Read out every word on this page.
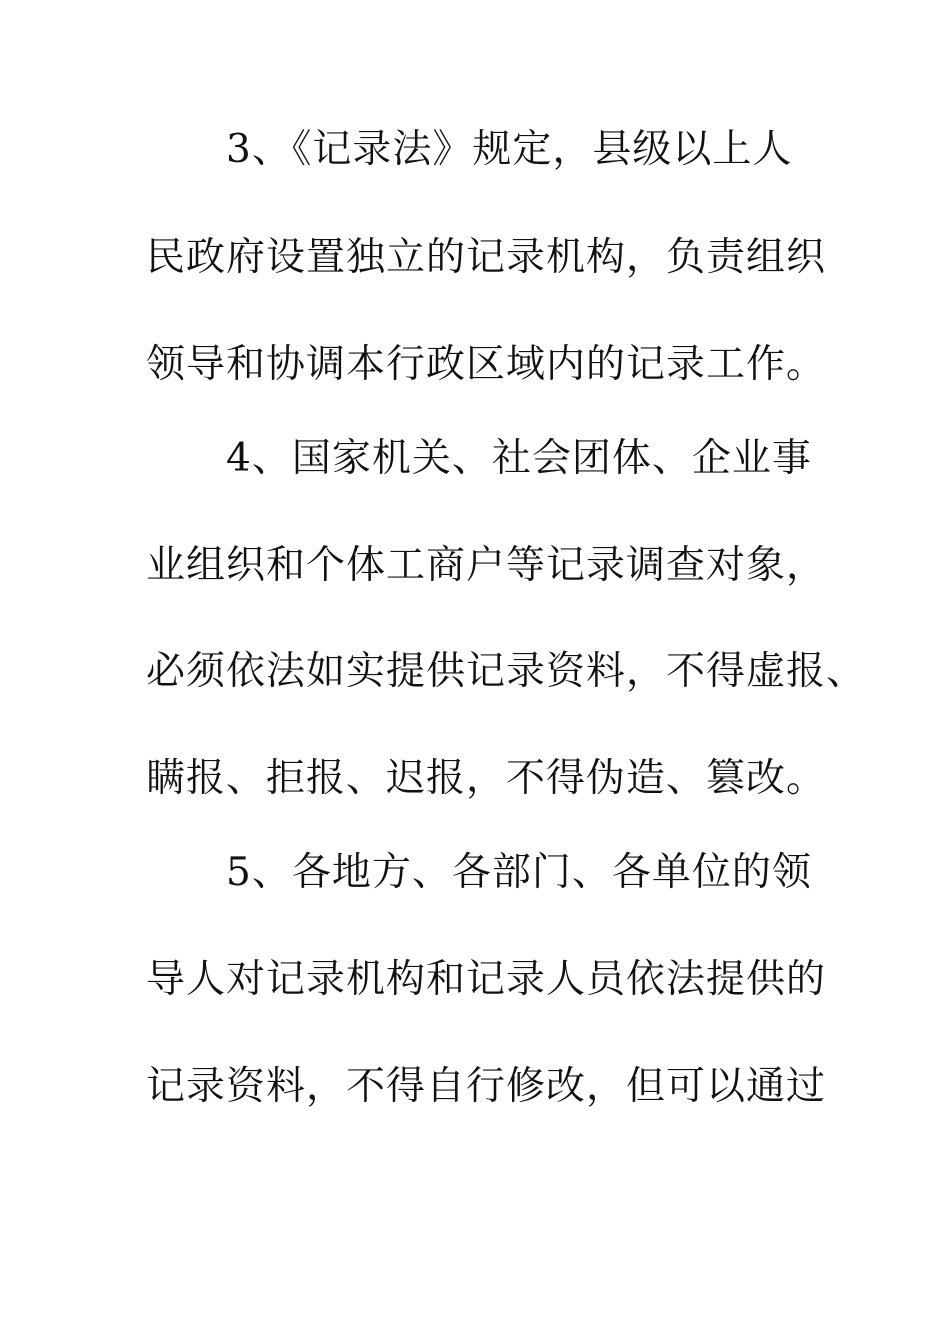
3、《记录法》规定，县级以上人
民政府设置独立的记录机构，负责组织
领导和协调本行政区域内的记录工作。
4、国家机关、社会团体、企业事
业组织和个体工商户等记录调查对象，
必须依法如实提供记录资料，不得虚报、
瞒报、拒报、迟报，不得伪造、篡改。
5、各地方、各部门、各单位的领
导人对记录机构和记录人员依法提供的
记录资料，不得自行修改，但可以通过
